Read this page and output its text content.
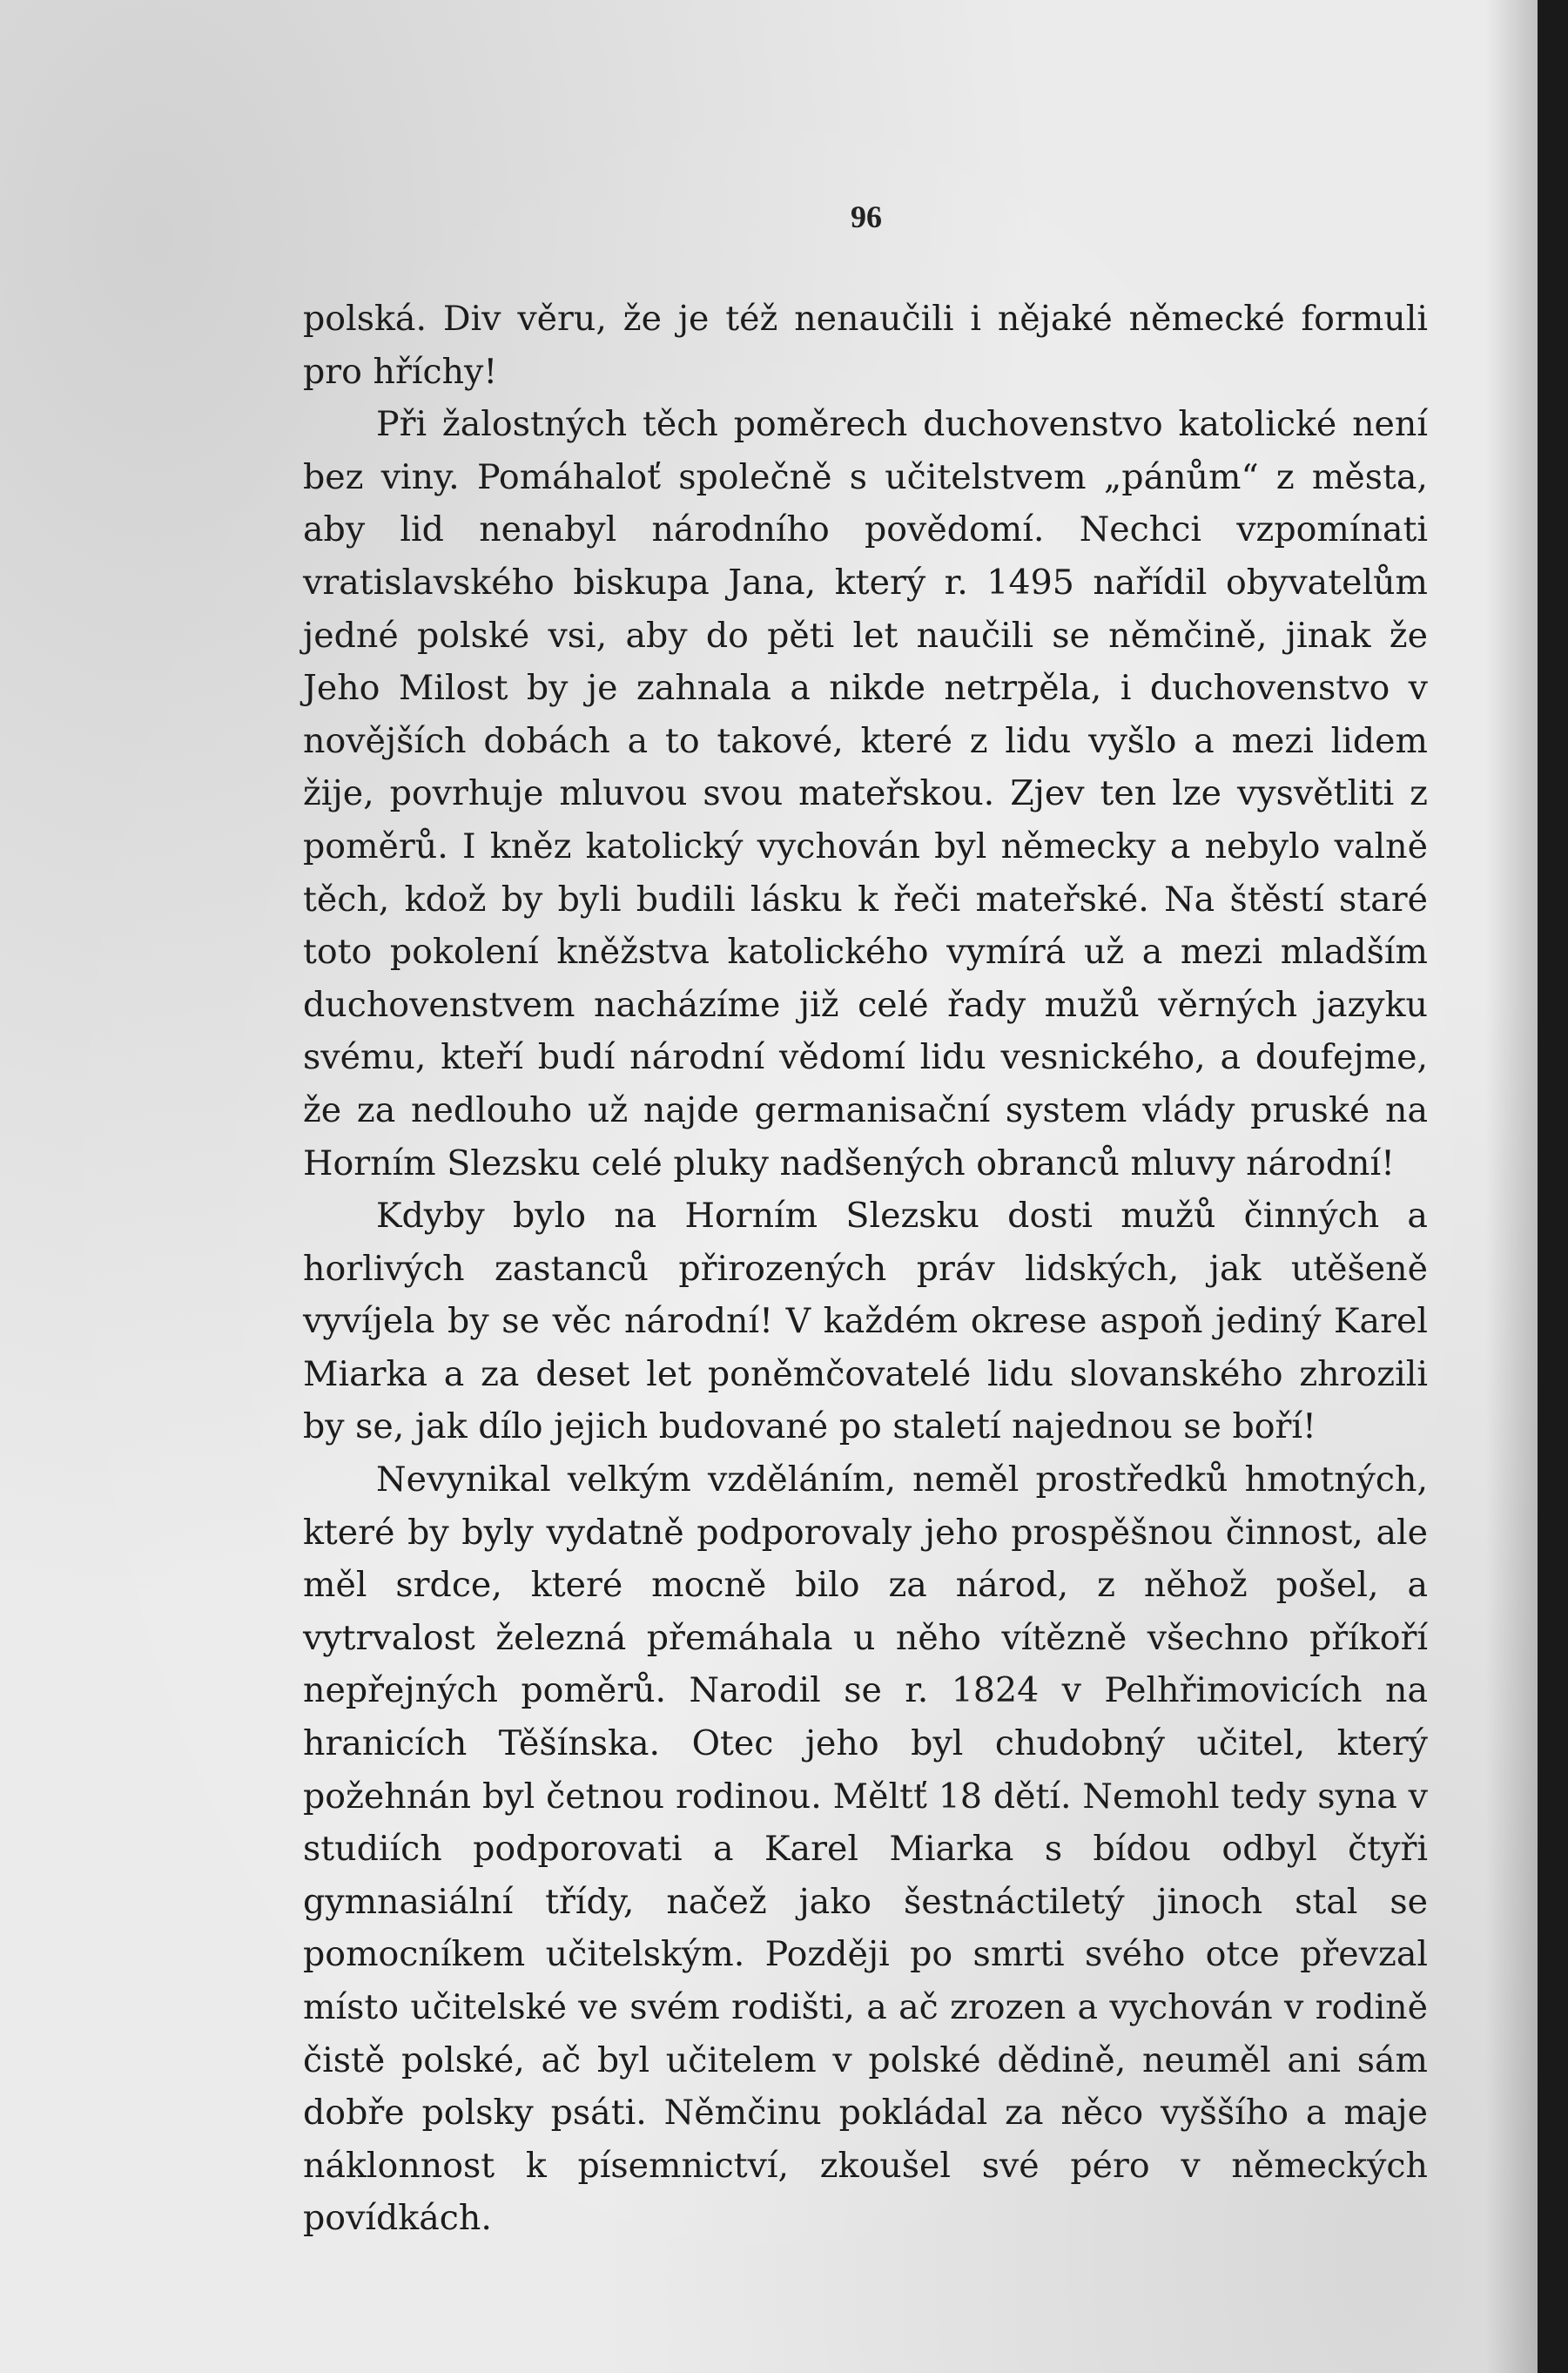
96

polská. Div věru, že je též nenaučili i nějaké německé formuli pro hříchy!

Při žalostných těch poměrech duchovenstvo katolické není bez viny. Pomáhaloť společně s učitelstvem „pánům“ z města, aby lid nenabyl národního povědomí. Nechci vzpomínati vratislavského biskupa Jana, který r. 1495 nařídil obyvatelům jedné polské vsi, aby do pěti let naučili se němčině, jinak že Jeho Milost by je zahnala a nikde netrpěla, i duchovenstvo v novějších dobách a to takové, které z lidu vyšlo a mezi lidem žije, povrhuje mluvou svou mateřskou. Zjev ten lze vysvětliti z poměrů. I kněz katolický vychován byl německy a nebylo valně těch, kdož by byli budili lásku k řeči mateřské. Na štěstí staré toto pokolení kněžstva katolického vymírá už a mezi mladším duchovenstvem nacházíme již celé řady mužů věrných jazyku svému, kteří budí národní vědomí lidu vesnického, a doufejme, že za nedlouho už najde germanisační system vlády pruské na Horním Slezsku celé pluky nadšených obranců mluvy národní!

Kdyby bylo na Horním Slezsku dosti mužů činných a horlivých zastanců přirozených práv lidských, jak utěšeně vyvíjela by se věc národní! V každém okrese aspoň jediný Karel Miarka a za deset let poněmčovatelé lidu slovanského zhrozili by se, jak dílo jejich budované po staletí najednou se boří!

Nevynikal velkým vzděláním, neměl prostředků hmotných, které by byly vydatně podporovaly jeho prospěšnou činnost, ale měl srdce, které mocně bilo za národ, z něhož pošel, a vytrvalost železná přemáhala u něho vítězně všechno příkoří nepřejných poměrů. Narodil se r. 1824 v Pelhřimovicích na hranicích Těšínska. Otec jeho byl chudobný učitel, který požehnán byl četnou rodinou. Měltť 18 dětí. Nemohl tedy syna v studiích podporovati a Karel Miarka s bídou odbyl čtyři gymnasiální třídy, načež jako šestnáctiletý jinoch stal se pomocníkem učitelským. Později po smrti svého otce převzal místo učitelské ve svém rodišti, a ač zrozen a vychován v rodině čistě polské, ač byl učitelem v polské dědině, neuměl ani sám dobře polsky psáti. Němčinu pokládal za něco vyššího a maje náklonnost k písemnictví, zkoušel své péro v německých povídkách.
